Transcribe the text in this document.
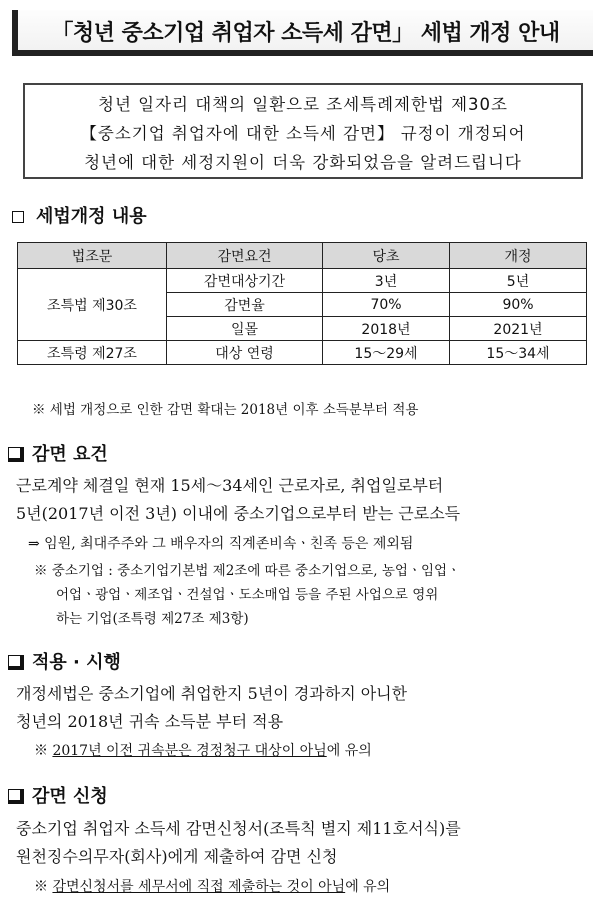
「청년 중소기업 취업자 소득세 감면」 세법 개정 안내
청년 일자리 대책의 일환으로 조세특례제한법 제30조
【중소기업 취업자에 대한 소득세 감면】 규정이 개정되어
청년에 대한 세정지원이 더욱 강화되었음을 알려드립니다
세법개정 내용
법조문	감면요건	당초	개정
조특법 제30조	감면대상기간	3년	5년
	감면율	70%	90%
	일몰	2018년	2021년
조특령 제27조	대상 연령	15～29세	15～34세
※ 세법 개정으로 인한 감면 확대는 2018년 이후 소득분부터 적용
감면 요건
근로계약 체결일 현재 15세～34세인 근로자로, 취업일로부터
5년(2017년 이전 3년) 이내에 중소기업으로부터 받는 근로소득
⇒ 임원, 최대주주와 그 배우자의 직계존비속ㆍ친족 등은 제외됨
※ 중소기업 : 중소기업기본법 제2조에 따른 중소기업으로, 농업ㆍ임업ㆍ
어업ㆍ광업ㆍ제조업ㆍ건설업ㆍ도소매업 등을 주된 사업으로 영위
하는 기업(조특령 제27조 제3항)
적용 · 시행
개정세법은 중소기업에 취업한지 5년이 경과하지 아니한
청년의 2018년 귀속 소득분 부터 적용
※ 2017년 이전 귀속분은 경정청구 대상이 아님에 유의
감면 신청
중소기업 취업자 소득세 감면신청서(조특칙 별지 제11호서식)를
원천징수의무자(회사)에게 제출하여 감면 신청
※ 감면신청서를 세무서에 직접 제출하는 것이 아님에 유의
